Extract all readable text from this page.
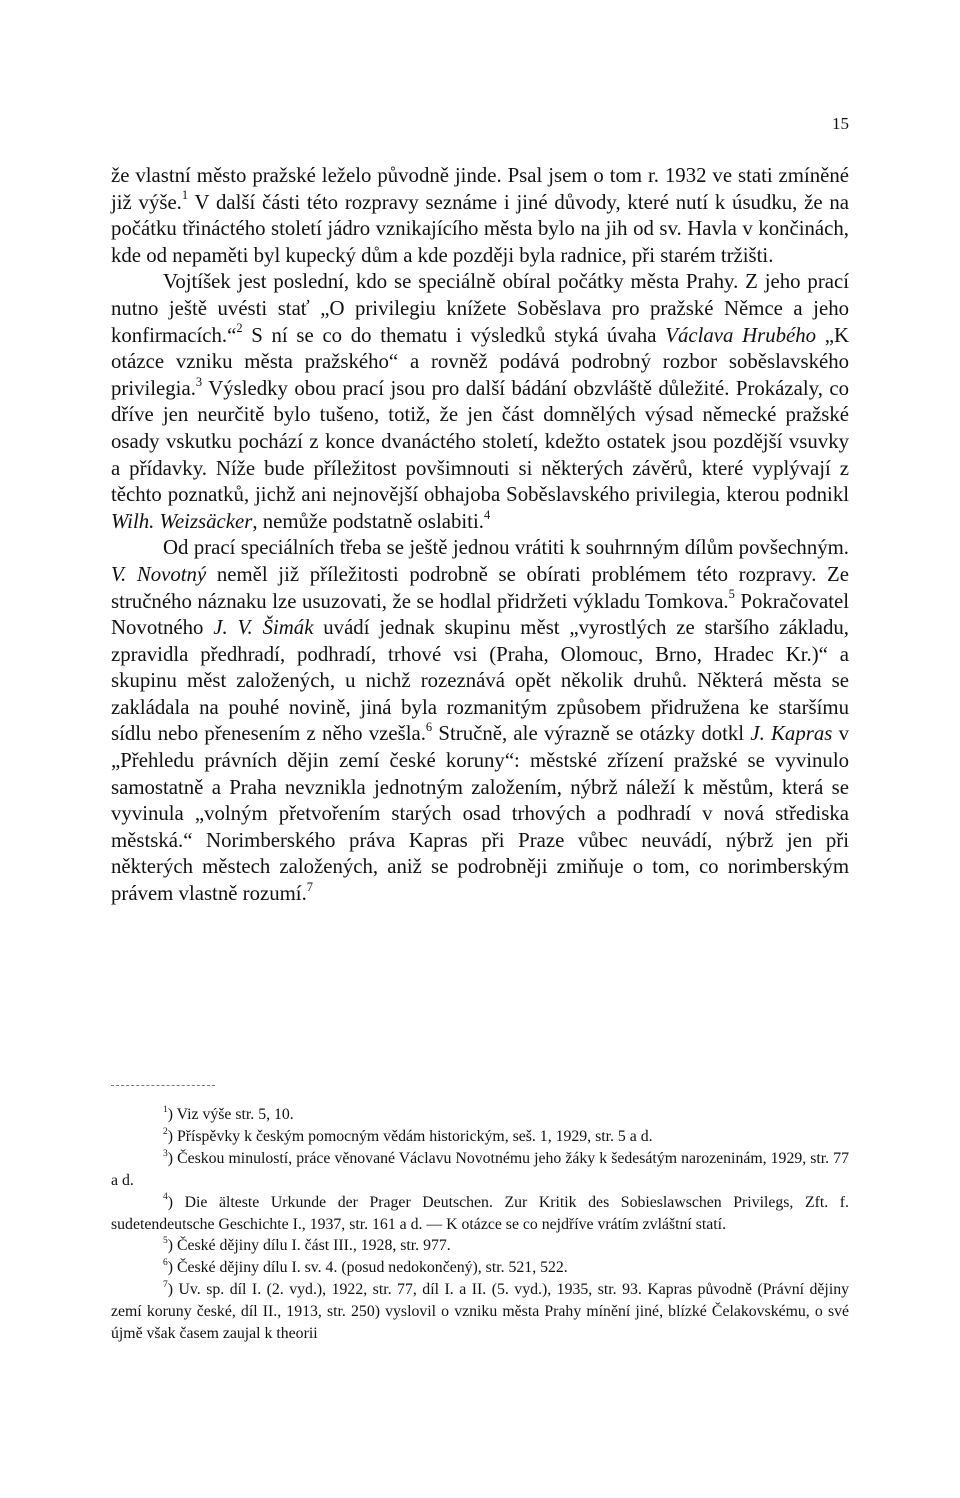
15

že vlastní město pražské leželo původně jinde. Psal jsem o tom r. 1932 ve stati zmíněné již výše.$^1$ V další části této rozpravy seznáme i jiné důvody, které nutí k úsudku, že na počátku třináctého století jádro vznikajícího města bylo na jih od sv. Havla v končinách, kde od nepaměti byl kupecký dům a kde později byla radnice, při starém tržišti.

Vojtíšek jest poslední, kdo se speciálně obíral počátky města Prahy. Z jeho prací nutno ještě uvésti stať „O privilegiu knížete Soběslava pro pražské Němce a jeho konfirmacích.“$^2$ S ní se co do thematu i výsledků styká úvaha Václava Hrubého „K otázce vzniku města pražského“ a rovněž podává podrobný rozbor soběslavského privilegia.$^3$ Výsledky obou prací jsou pro další bádání obzvláště důležité. Prokázaly, co dříve jen neurčitě bylo tušeno, totiž, že jen část domnělých výsad německé pražské osady vskutku pochází z konce dvanáctého století, kdežto ostatek jsou pozdější vsuvky a přídavky. Níže bude příležitost povšimnouti si některých závěrů, které vyplývají z těchto poznatků, jichž ani nejnovější obhajoba Soběslavského privilegia, kterou podnikl Wilh. Weizsäcker, nemůže podstatně oslabiti.$^4$

Od prací speciálních třeba se ještě jednou vrátiti k souhrnným dílům povšechným. V. Novotný neměl již příležitosti podrobně se obírati problémem této rozpravy. Ze stručného náznaku lze usuzovati, že se hodlal přidržeti výkladu Tomkova.$^5$ Pokračovatel Novotného J. V. Šimák uvádí jednak skupinu měst „vyrostlých ze staršího základu, zpravidla předhradí, podhradí, trhové vsi (Praha, Olomouc, Brno, Hradec Kr.)“ a skupinu měst založených, u nichž rozeznává opět několik druhů. Některá města se zakládala na pouhé novině, jiná byla rozmanitým způsobem přidružena ke staršímu sídlu nebo přenesením z něho vzešla.$^6$ Stručně, ale výrazně se otázky dotkl J. Kapras v „Přehledu právních dějin zemí české koruny“: městské zřízení pražské se vyvinulo samostatně a Praha nevznikla jednotným založením, nýbrž náleží k městům, která se vyvinula „volným přetvořením starých osad trhových a podhradí v nová střediska městská.“ Norimberského práva Kapras při Praze vůbec neuvádí, nýbrž jen při některých městech založených, aniž se podrobněji zmiňuje o tom, co norimberským právem vlastně rozumí.$^7$

$^1$) Viz výše str. 5, 10.

$^2$) Příspěvky k českým pomocným vědám historickým, seš. 1, 1929, str. 5 a d.

$^3$) Českou minulostí, práce věnované Václavu Novotnému jeho žáky k šedesátým narozeninám, 1929, str. 77 a d.

$^4$) Die älteste Urkunde der Prager Deutschen. Zur Kritik des Sobieslawschen Privilegs, Zft. f. sudetendeutsche Geschichte I., 1937, str. 161 a d. — K otázce se co nejdříve vrátím zvláštní statí.

$^5$) České dějiny dílu I. část III., 1928, str. 977.

$^6$) České dějiny dílu I. sv. 4. (posud nedokončený), str. 521, 522.

$^7$) Uv. sp. díl I. (2. vyd.), 1922, str. 77, díl I. a II. (5. vyd.), 1935, str. 93. Kapras původně (Právní dějiny zemí koruny české, díl II., 1913, str. 250) vyslovil o vzniku města Prahy mínění jiné, blízké Čelakovskému, o své újmě však časem zaujal k theorii
